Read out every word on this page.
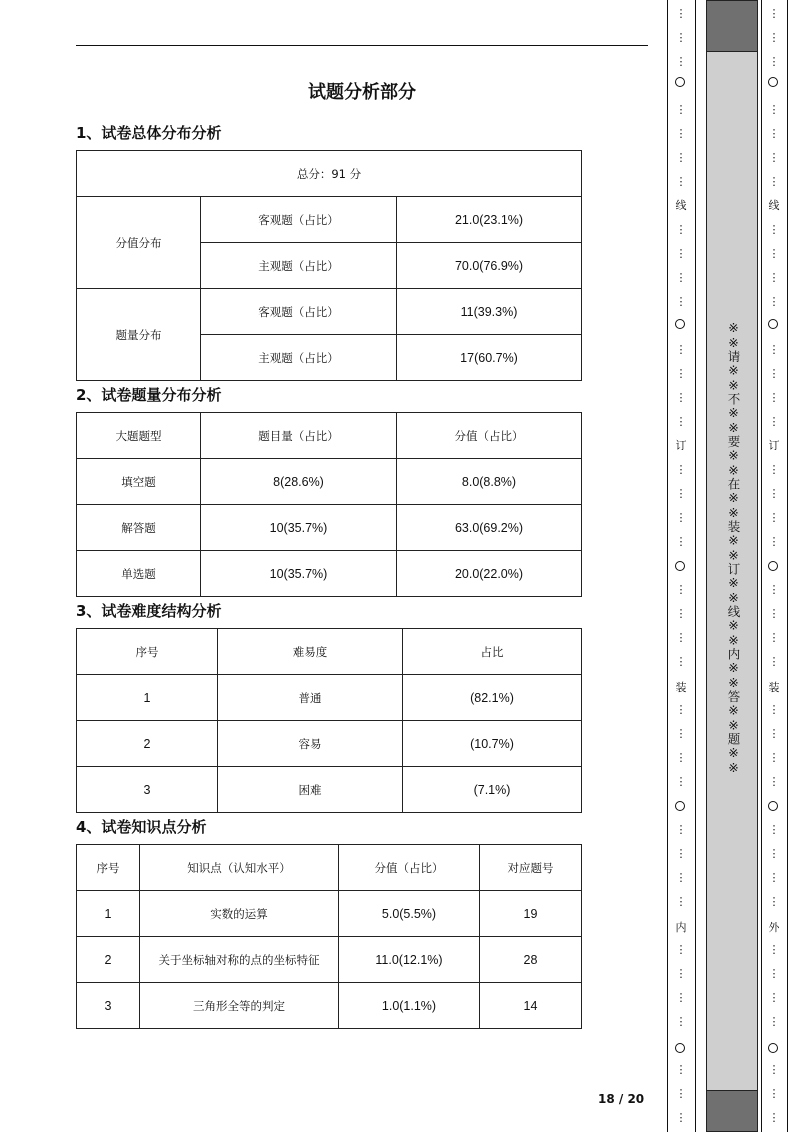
试题分析部分
1、试卷总体分布分析
总分：91 分		
分值分布	客观题（占比）	21.0(23.1%)
	主观题（占比）	70.0(76.9%)
题量分布	客观题（占比）	11(39.3%)
	主观题（占比）	17(60.7%)
2、试卷题量分布分析
大题题型	题目量（占比）	分值（占比）
填空题	8(28.6%)	8.0(8.8%)
解答题	10(35.7%)	63.0(69.2%)
单选题	10(35.7%)	20.0(22.0%)
3、试卷难度结构分析
序号	难易度	占比
1	普通	(82.1%)
2	容易	(10.7%)
3	困难	(7.1%)
4、试卷知识点分析
序号	知识点（认知水平）	分值（占比）	对应题号
1	实数的运算	5.0(5.5%)	19
2	关于坐标轴对称的点的坐标特征	11.0(12.1%)	28
3	三角形全等的判定	1.0(1.1%)	14
18 / 20
※※请※※不※※要※※在※※装※※订※※线※※内※※答※※题※※
线
订
装
内
⋮
⋮
⋮
⋮
⋮
⋮
⋮
⋮
⋮
⋮
⋮
⋮
⋮
⋮
⋮
⋮
⋮
⋮
⋮
⋮
⋮
⋮
⋮
⋮
⋮
⋮
⋮
⋮
⋮
⋮
⋮
⋮
⋮
⋮
⋮
⋮
⋮
⋮
线
订
装
外
⋮
⋮
⋮
⋮
⋮
⋮
⋮
⋮
⋮
⋮
⋮
⋮
⋮
⋮
⋮
⋮
⋮
⋮
⋮
⋮
⋮
⋮
⋮
⋮
⋮
⋮
⋮
⋮
⋮
⋮
⋮
⋮
⋮
⋮
⋮
⋮
⋮
⋮
